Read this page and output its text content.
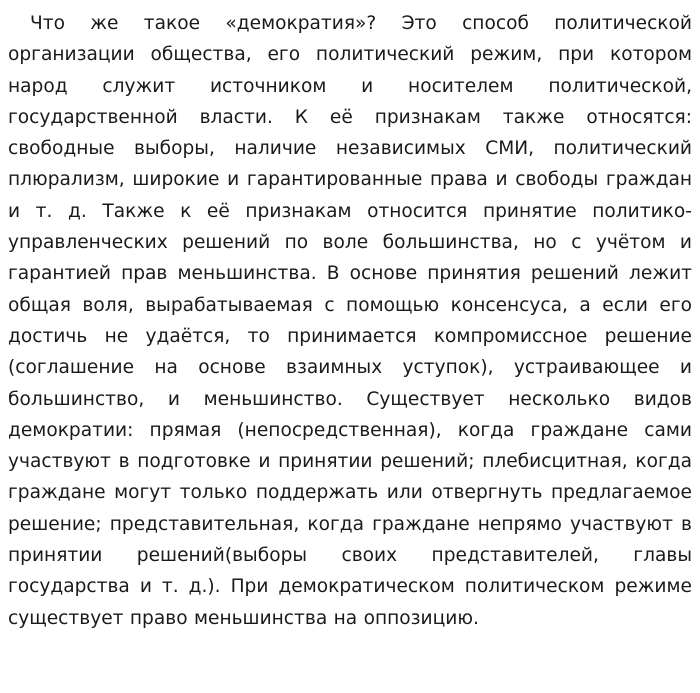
Что же такое «демократия»? Это способ политической организации общества, его политический режим, при котором народ служит источником и носителем политической, государственной власти. К её признакам также относятся: свободные выборы, наличие независимых СМИ, политический плюрализм, широкие и гарантированные права и свободы граждан и т. д. Также к её признакам относится принятие политико-управленческих решений по воле большинства, но с учётом и гарантией прав меньшинства. В основе принятия решений лежит общая воля, вырабатываемая с помощью консенсуса, а если его достичь не удаётся, то принимается компромиссное решение (соглашение на основе взаимных уступок), устраивающее и большинство, и меньшинство. Существует несколько видов демократии: прямая (непосредственная), когда граждане сами участвуют в подготовке и принятии решений; плебисцитная, когда граждане могут только поддержать или отвергнуть предлагаемое решение; представительная, когда граждане непрямо участвуют в принятии решений(выборы своих представителей, главы государства и т. д.). При демократическом политическом режиме существует право меньшинства на оппозицию.
